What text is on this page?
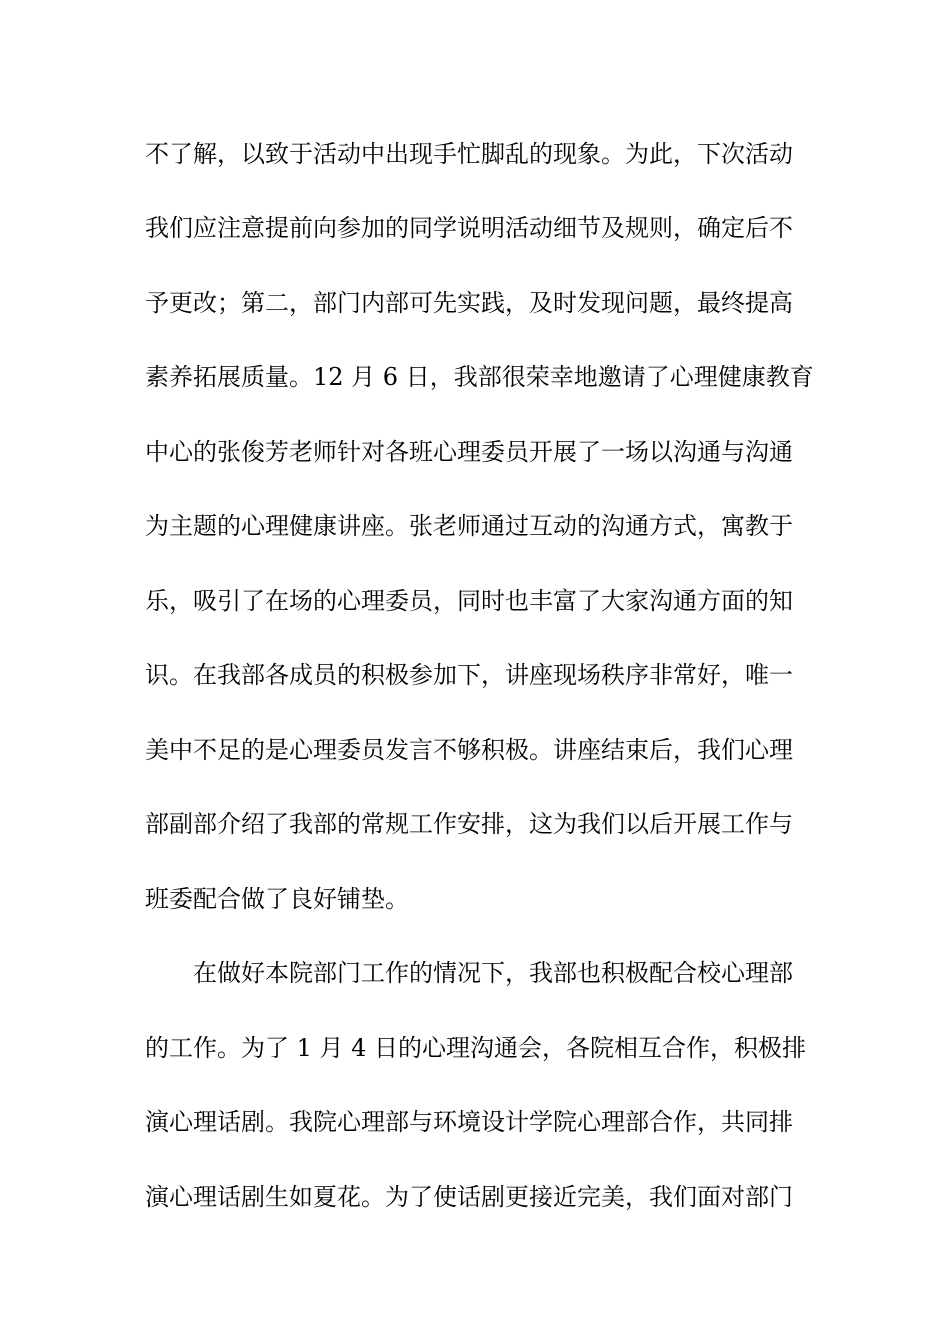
不了解，以致于活动中出现手忙脚乱的现象。为此，下次活动
我们应注意提前向参加的同学说明活动细节及规则，确定后不
予更改；第二，部门内部可先实践，及时发现问题，最终提高
素养拓展质量。12 月 6 日，我部很荣幸地邀请了心理健康教育
中心的张俊芳老师针对各班心理委员开展了一场以沟通与沟通
为主题的心理健康讲座。张老师通过互动的沟通方式，寓教于
乐，吸引了在场的心理委员，同时也丰富了大家沟通方面的知
识。在我部各成员的积极参加下，讲座现场秩序非常好，唯一
美中不足的是心理委员发言不够积极。讲座结束后，我们心理
部副部介绍了我部的常规工作安排，这为我们以后开展工作与
班委配合做了良好铺垫。
在做好本院部门工作的情况下，我部也积极配合校心理部
的工作。为了 1 月 4 日的心理沟通会，各院相互合作，积极排
演心理话剧。我院心理部与环境设计学院心理部合作，共同排
演心理话剧生如夏花。为了使话剧更接近完美，我们面对部门
